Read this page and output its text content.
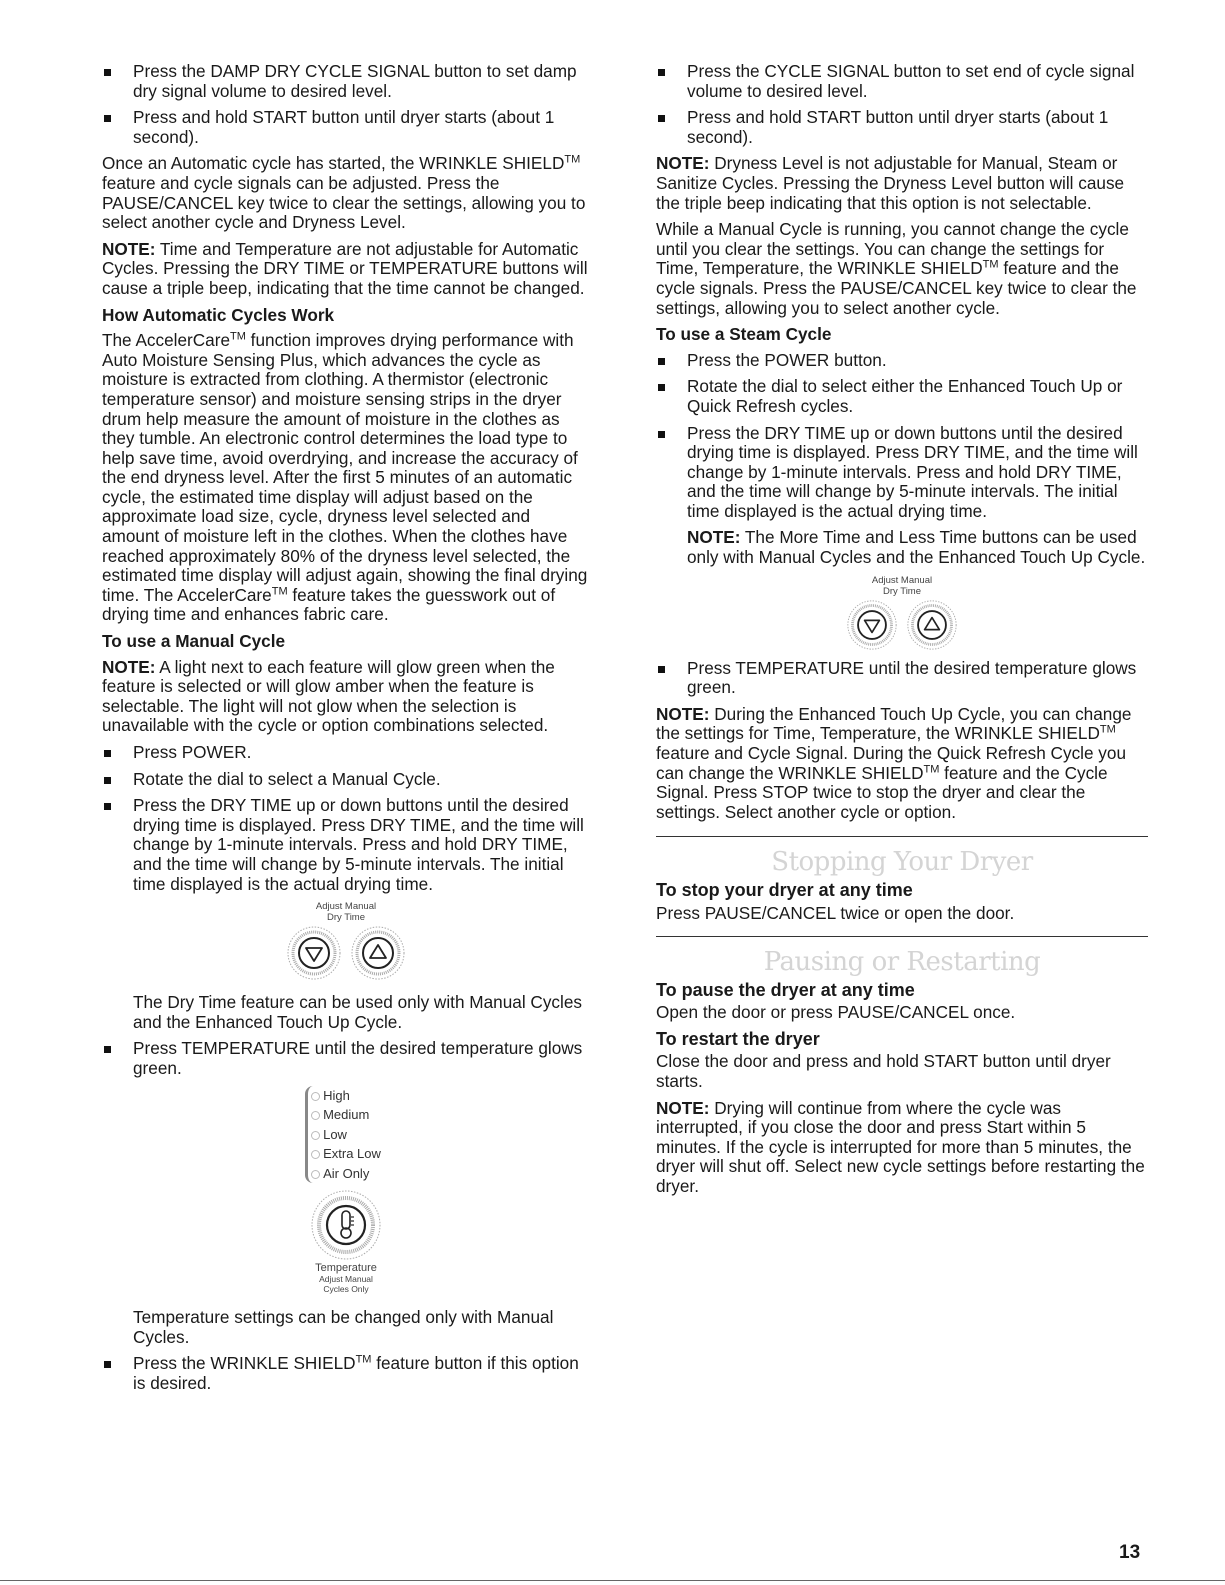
Press the DAMP DRY CYCLE SIGNAL button to set damp dry signal volume to desired level.
Press and hold START button until dryer starts (about 1 second).

Once an Automatic cycle has started, the WRINKLE SHIELD™ feature and cycle signals can be adjusted. Press the PAUSE/CANCEL key twice to clear the settings, allowing you to select another cycle and Dryness Level.

NOTE: Time and Temperature are not adjustable for Automatic Cycles. Pressing the DRY TIME or TEMPERATURE buttons will cause a triple beep, indicating that the time cannot be changed.

How Automatic Cycles Work

The AccelerCare™ function improves drying performance with Auto Moisture Sensing Plus, which advances the cycle as moisture is extracted from clothing. A thermistor (electronic temperature sensor) and moisture sensing strips in the dryer drum help measure the amount of moisture in the clothes as they tumble. An electronic control determines the load type to help save time, avoid overdrying, and increase the accuracy of the end dryness level. After the first 5 minutes of an automatic cycle, the estimated time display will adjust based on the approximate load size, cycle, dryness level selected and amount of moisture left in the clothes. When the clothes have reached approximately 80% of the dryness level selected, the estimated time display will adjust again, showing the final drying time. The AccelerCare™ feature takes the guesswork out of drying time and enhances fabric care.

To use a Manual Cycle

NOTE: A light next to each feature will glow green when the feature is selected or will glow amber when the feature is selectable. The light will not glow when the selection is unavailable with the cycle or option combinations selected.

Press POWER.
Rotate the dial to select a Manual Cycle.
Press the DRY TIME up or down buttons until the desired drying time is displayed. Press DRY TIME, and the time will change by 1-minute intervals. Press and hold DRY TIME, and the time will change by 5-minute intervals. The initial time displayed is the actual drying time.
Adjust Manual
Dry Time
The Dry Time feature can be used only with Manual Cycles and the Enhanced Touch Up Cycle.
Press TEMPERATURE until the desired temperature glows green.
High
Medium
Low
Extra Low
Air Only
Temperature
Adjust Manual
Cycles Only
Temperature settings can be changed only with Manual Cycles.
Press the WRINKLE SHIELD™ feature button if this option is desired.
Press the CYCLE SIGNAL button to set end of cycle signal volume to desired level.
Press and hold START button until dryer starts (about 1 second).

NOTE: Dryness Level is not adjustable for Manual, Steam or Sanitize Cycles. Pressing the Dryness Level button will cause the triple beep indicating that this option is not selectable.

While a Manual Cycle is running, you cannot change the cycle until you clear the settings. You can change the settings for Time, Temperature, the WRINKLE SHIELD™ feature and the cycle signals. Press the PAUSE/CANCEL key twice to clear the settings, allowing you to select another cycle.

To use a Steam Cycle
Press the POWER button.
Rotate the dial to select either the Enhanced Touch Up or Quick Refresh cycles.
Press the DRY TIME up or down buttons until the desired drying time is displayed. Press DRY TIME, and the time will change by 1-minute intervals. Press and hold DRY TIME, and the time will change by 5-minute intervals. The initial time displayed is the actual drying time.
NOTE: The More Time and Less Time buttons can be used only with Manual Cycles and the Enhanced Touch Up Cycle.
Adjust Manual
Dry Time
Press TEMPERATURE until the desired temperature glows green.

NOTE: During the Enhanced Touch Up Cycle, you can change the settings for Time, Temperature, the WRINKLE SHIELD™ feature and Cycle Signal. During the Quick Refresh Cycle you can change the WRINKLE SHIELD™ feature and the Cycle Signal. Press STOP twice to stop the dryer and clear the settings. Select another cycle or option.

Stopping Your Dryer
To stop your dryer at any time
Press PAUSE/CANCEL twice or open the door.
Pausing or Restarting
To pause the dryer at any time

Open the door or press PAUSE/CANCEL once.

To restart the dryer

Close the door and press and hold START button until dryer starts.

NOTE: Drying will continue from where the cycle was interrupted, if you close the door and press Start within 5 minutes. If the cycle is interrupted for more than 5 minutes, the dryer will shut off. Select new cycle settings before restarting the dryer.

13
